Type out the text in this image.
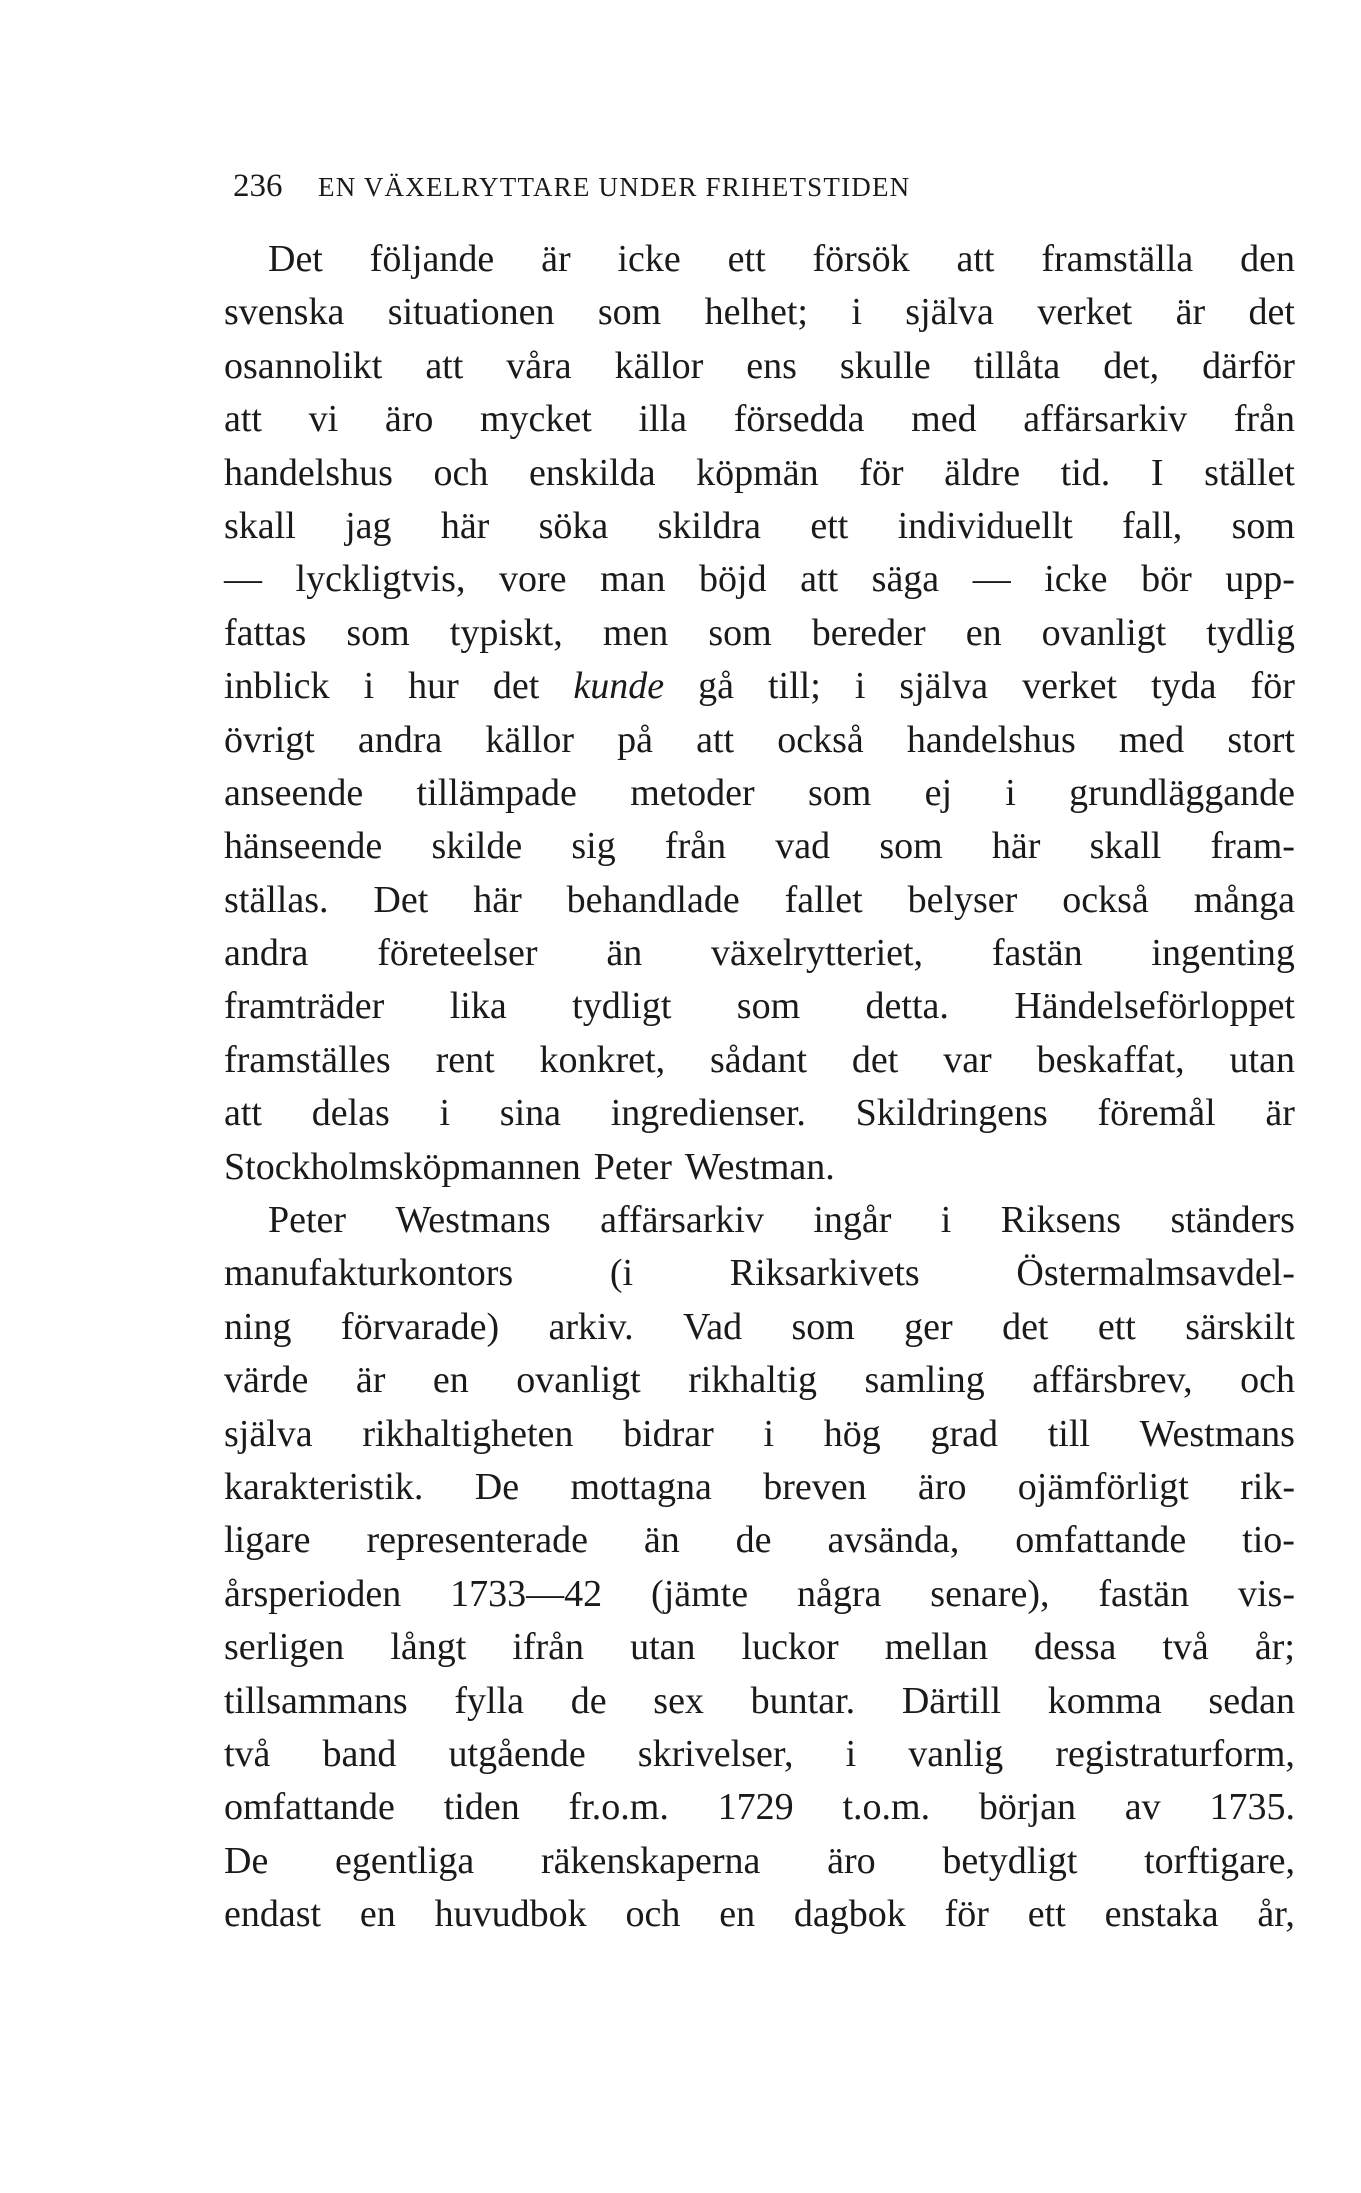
236 EN VÄXELRYTTARE UNDER FRIHETSTIDEN
Det följande är icke ett försök att framställa den
svenska situationen som helhet; i själva verket är det
osannolikt att våra källor ens skulle tillåta det, därför
att vi äro mycket illa försedda med affärsarkiv från
handelshus och enskilda köpmän för äldre tid. I stället
skall jag här söka skildra ett individuellt fall, som
— lyckligtvis, vore man böjd att säga — icke bör upp-
fattas som typiskt, men som bereder en ovanligt tydlig
inblick i hur det kunde gå till; i själva verket tyda för
övrigt andra källor på att också handelshus med stort
anseende tillämpade metoder som ej i grundläggande
hänseende skilde sig från vad som här skall fram-
ställas. Det här behandlade fallet belyser också många
andra företeelser än växelrytteriet, fastän ingenting
framträder lika tydligt som detta. Händelseförloppet
framställes rent konkret, sådant det var beskaffat, utan
att delas i sina ingredienser. Skildringens föremål är
Stockholmsköpmannen Peter Westman.
Peter Westmans affärsarkiv ingår i Riksens ständers
manufakturkontors	(i	Riksarkivets	Östermalmsavdel-
ning förvarade) arkiv. Vad som ger det ett särskilt
värde är en ovanligt rikhaltig samling affärsbrev, och
själva rikhaltigheten bidrar i hög grad till Westmans
karakteristik. De mottagna breven äro ojämförligt rik-
ligare representerade än de avsända, omfattande tio-
årsperioden 1733—42 (jämte några senare), fastän vis-
serligen långt ifrån utan luckor mellan dessa två år;
tillsammans fylla de sex buntar. Därtill komma sedan
två band utgående skrivelser, i vanlig registraturform,
omfattande tiden fr.o.m. 1729 t.o.m. början av 1735.
De egentliga räkenskaperna äro betydligt torftigare,
endast en huvudbok och en dagbok för ett enstaka år,
